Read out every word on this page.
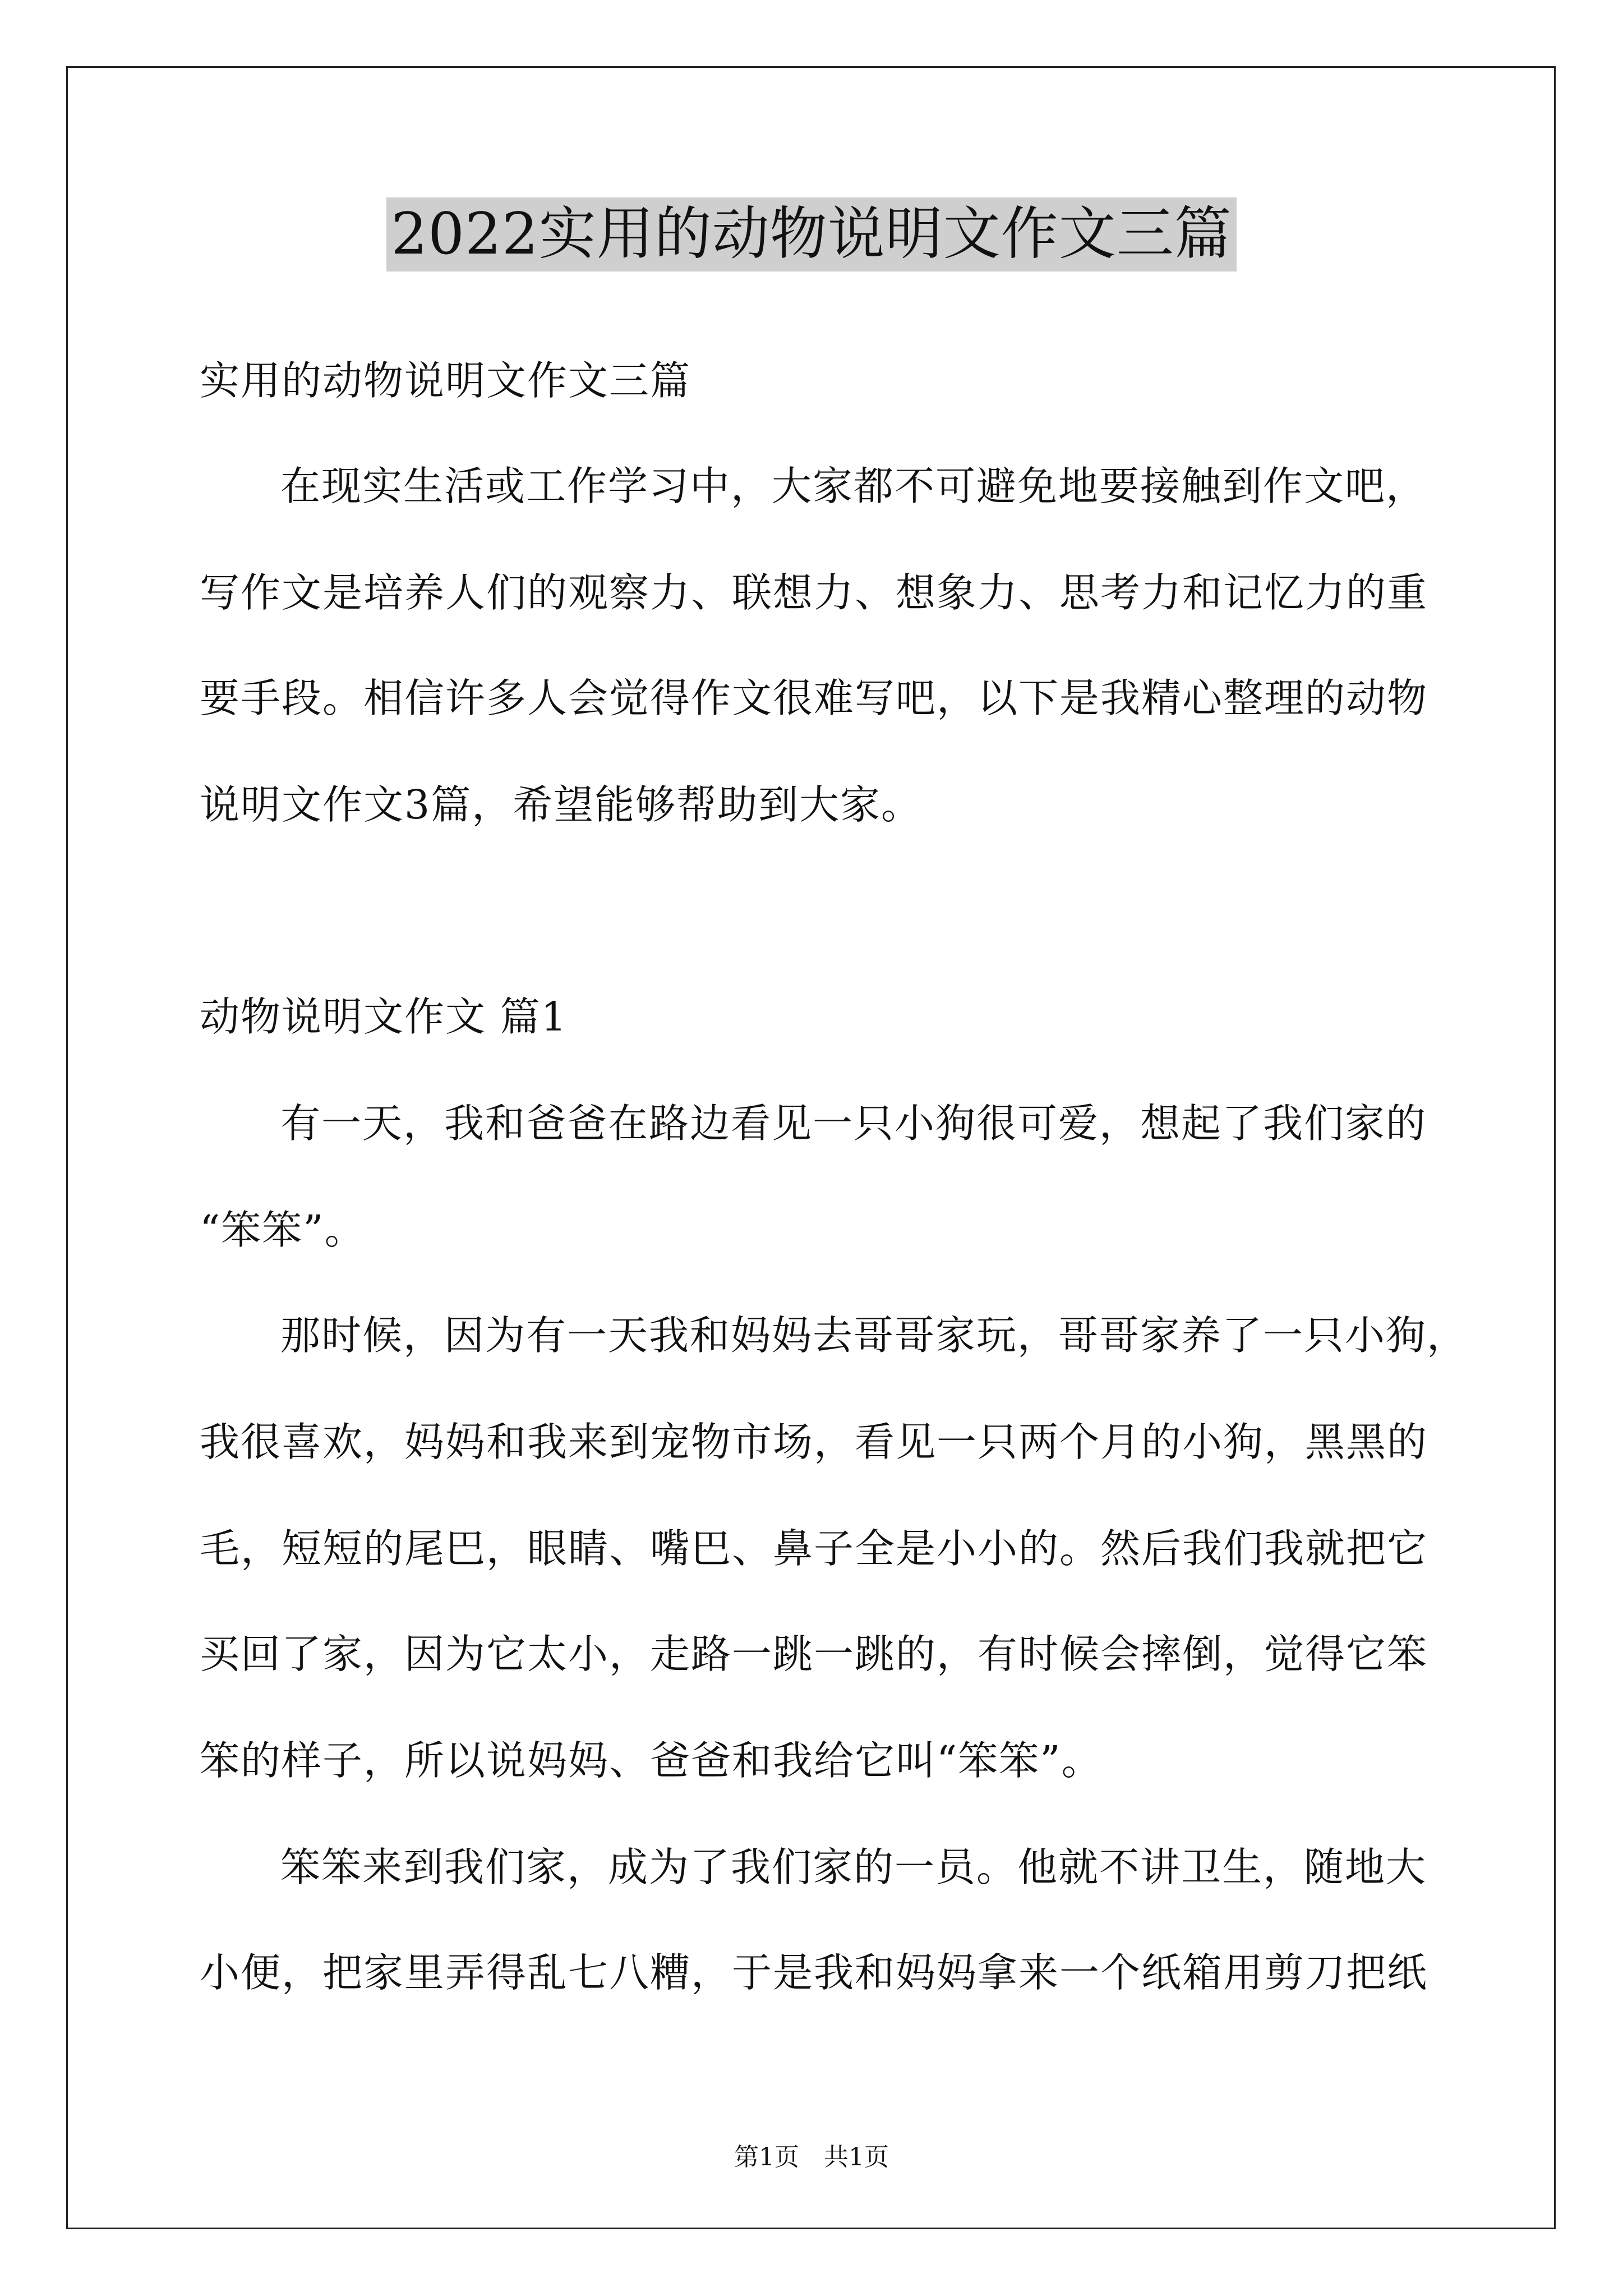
2022实用的动物说明文作文三篇
实用的动物说明文作文三篇
在现实生活或工作学习中，大家都不可避免地要接触到作文吧，
写作文是培养人们的观察力、联想力、想象力、思考力和记忆力的重
要手段。相信许多人会觉得作文很难写吧，以下是我精心整理的动物
说明文作文3篇，希望能够帮助到大家。
动物说明文作文 篇1
有一天，我和爸爸在路边看见一只小狗很可爱，想起了我们家的
“笨笨”。
那时候，因为有一天我和妈妈去哥哥家玩，哥哥家养了一只小狗，
我很喜欢，妈妈和我来到宠物市场，看见一只两个月的小狗，黑黑的
毛，短短的尾巴，眼睛、嘴巴、鼻子全是小小的。然后我们我就把它
买回了家，因为它太小，走路一跳一跳的，有时候会摔倒，觉得它笨
笨的样子，所以说妈妈、爸爸和我给它叫“笨笨”。
笨笨来到我们家，成为了我们家的一员。他就不讲卫生，随地大
小便，把家里弄得乱七八糟，于是我和妈妈拿来一个纸箱用剪刀把纸
第1页　共1页
